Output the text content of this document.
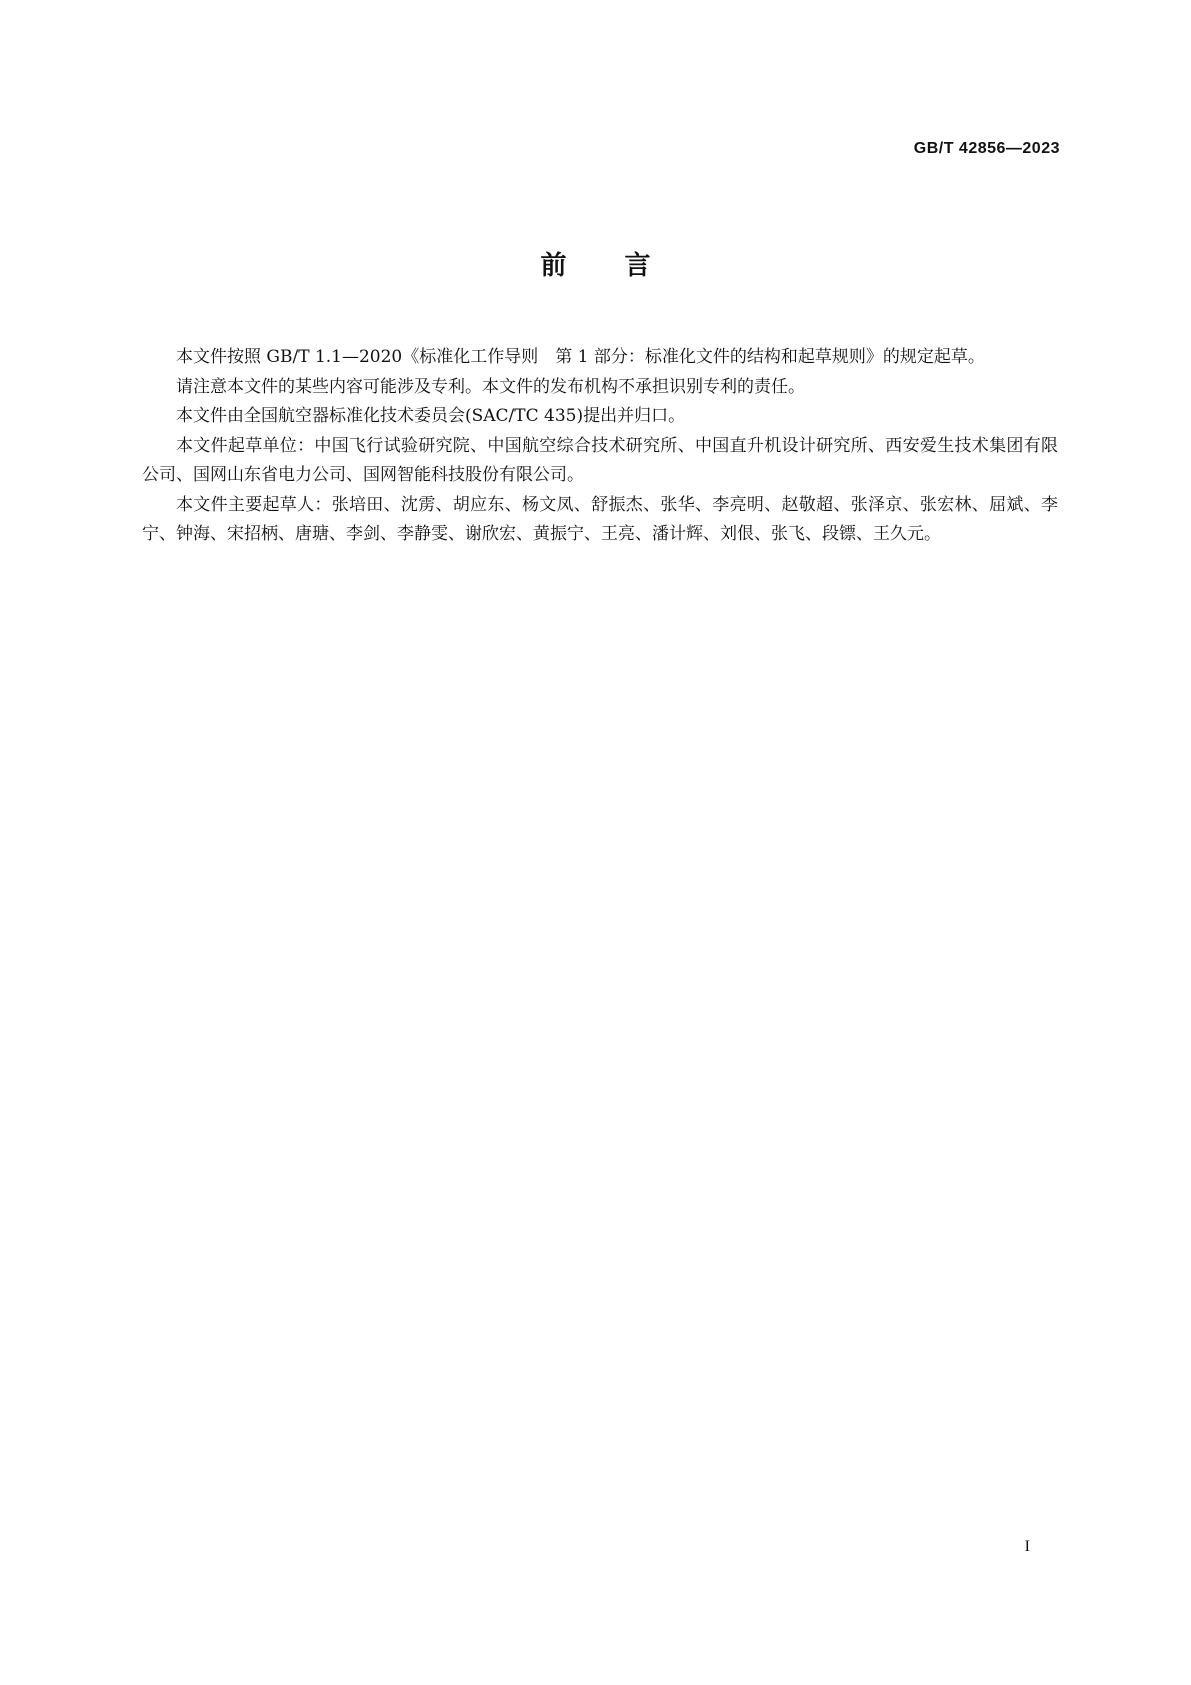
GB/T 42856—2023
前言

本文件按照 GB/T 1.1—2020《标准化工作导则　第 1 部分：标准化文件的结构和起草规则》的规定起草。

请注意本文件的某些内容可能涉及专利。本文件的发布机构不承担识别专利的责任。

本文件由全国航空器标准化技术委员会(SAC/TC 435)提出并归口。

本文件起草单位：中国飞行试验研究院、中国航空综合技术研究所、中国直升机设计研究所、西安爱生技术集团有限公司、国网山东省电力公司、国网智能科技股份有限公司。

本文件主要起草人：张培田、沈雳、胡应东、杨文凤、舒振杰、张华、李亮明、赵敬超、张泽京、张宏林、屈斌、李宁、钟海、宋招柄、唐瑭、李剑、李静雯、谢欣宏、黄振宁、王亮、潘计辉、刘佷、张飞、段镖、王久元。

I
